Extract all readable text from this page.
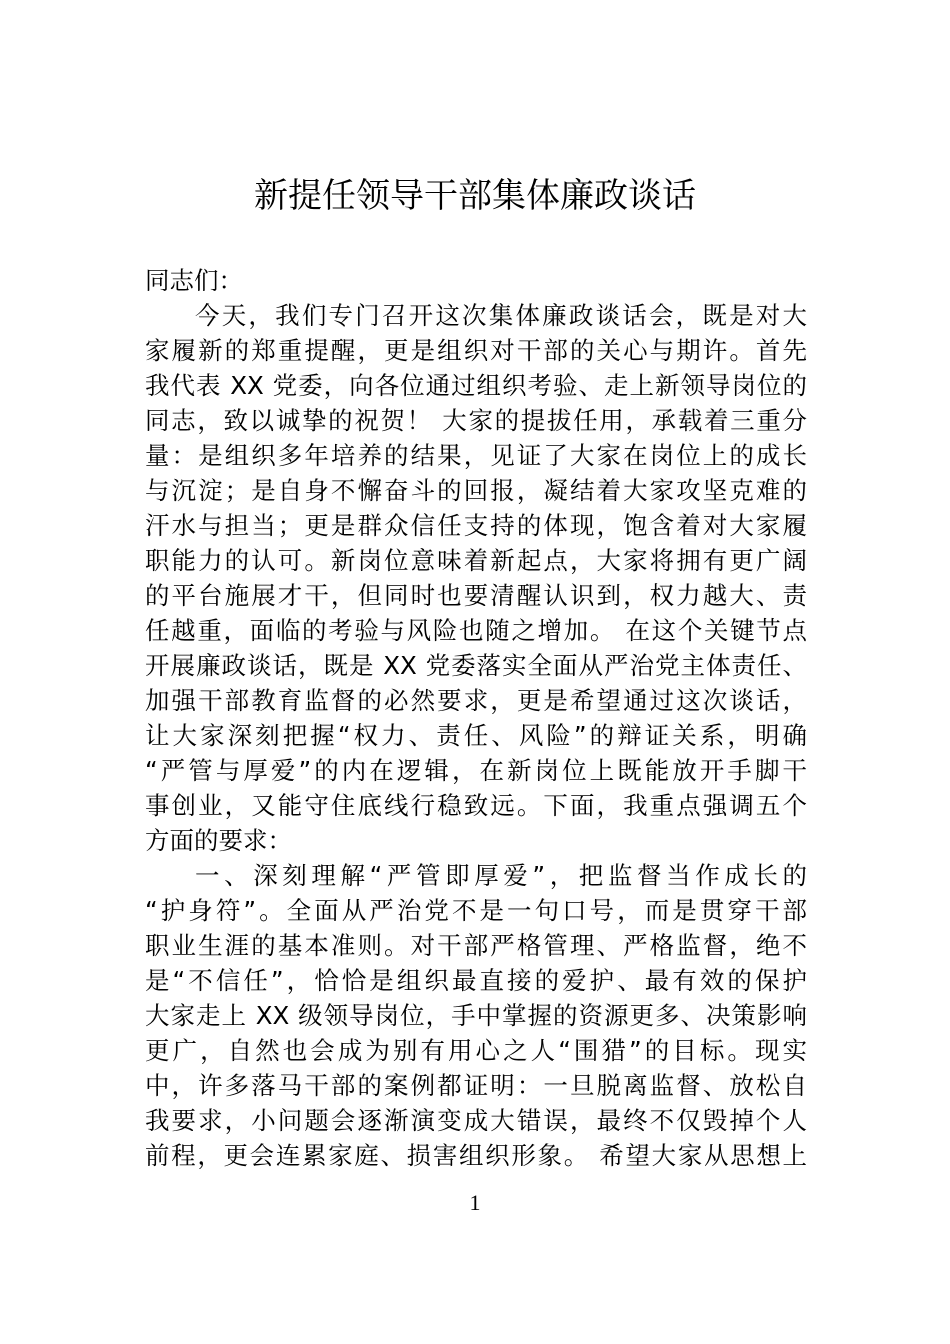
新提任领导干部集体廉政谈话
同志们：
今天，我们专门召开这次集体廉政谈话会，既是对大
家履新的郑重提醒，更是组织对干部的关心与期许。首先
我代表 XX 党委，向各位通过组织考验、走上新领导岗位的
同志，致以诚挚的祝贺！ 大家的提拔任用，承载着三重分
量：是组织多年培养的结果，见证了大家在岗位上的成长
与沉淀；是自身不懈奋斗的回报，凝结着大家攻坚克难的
汗水与担当；更是群众信任支持的体现，饱含着对大家履
职能力的认可。新岗位意味着新起点，大家将拥有更广阔
的平台施展才干，但同时也要清醒认识到，权力越大、责
任越重，面临的考验与风险也随之增加。 在这个关键节点
开展廉政谈话，既是 XX 党委落实全面从严治党主体责任、
加强干部教育监督的必然要求，更是希望通过这次谈话，
让大家深刻把握“权力、责任、风险”的辩证关系，明确
“严管与厚爱”的内在逻辑，在新岗位上既能放开手脚干
事创业，又能守住底线行稳致远。下面，我重点强调五个
方面的要求：
一、深刻理解“严管即厚爱”，把监督当作成长的
“护身符”。全面从严治党不是一句口号，而是贯穿干部
职业生涯的基本准则。对干部严格管理、严格监督，绝不
是“不信任”，恰恰是组织最直接的爱护、最有效的保护
大家走上 XX 级领导岗位，手中掌握的资源更多、决策影响
更广，自然也会成为别有用心之人“围猎”的目标。现实
中，许多落马干部的案例都证明：一旦脱离监督、放松自
我要求，小问题会逐渐演变成大错误，最终不仅毁掉个人
前程，更会连累家庭、损害组织形象。 希望大家从思想上
1
